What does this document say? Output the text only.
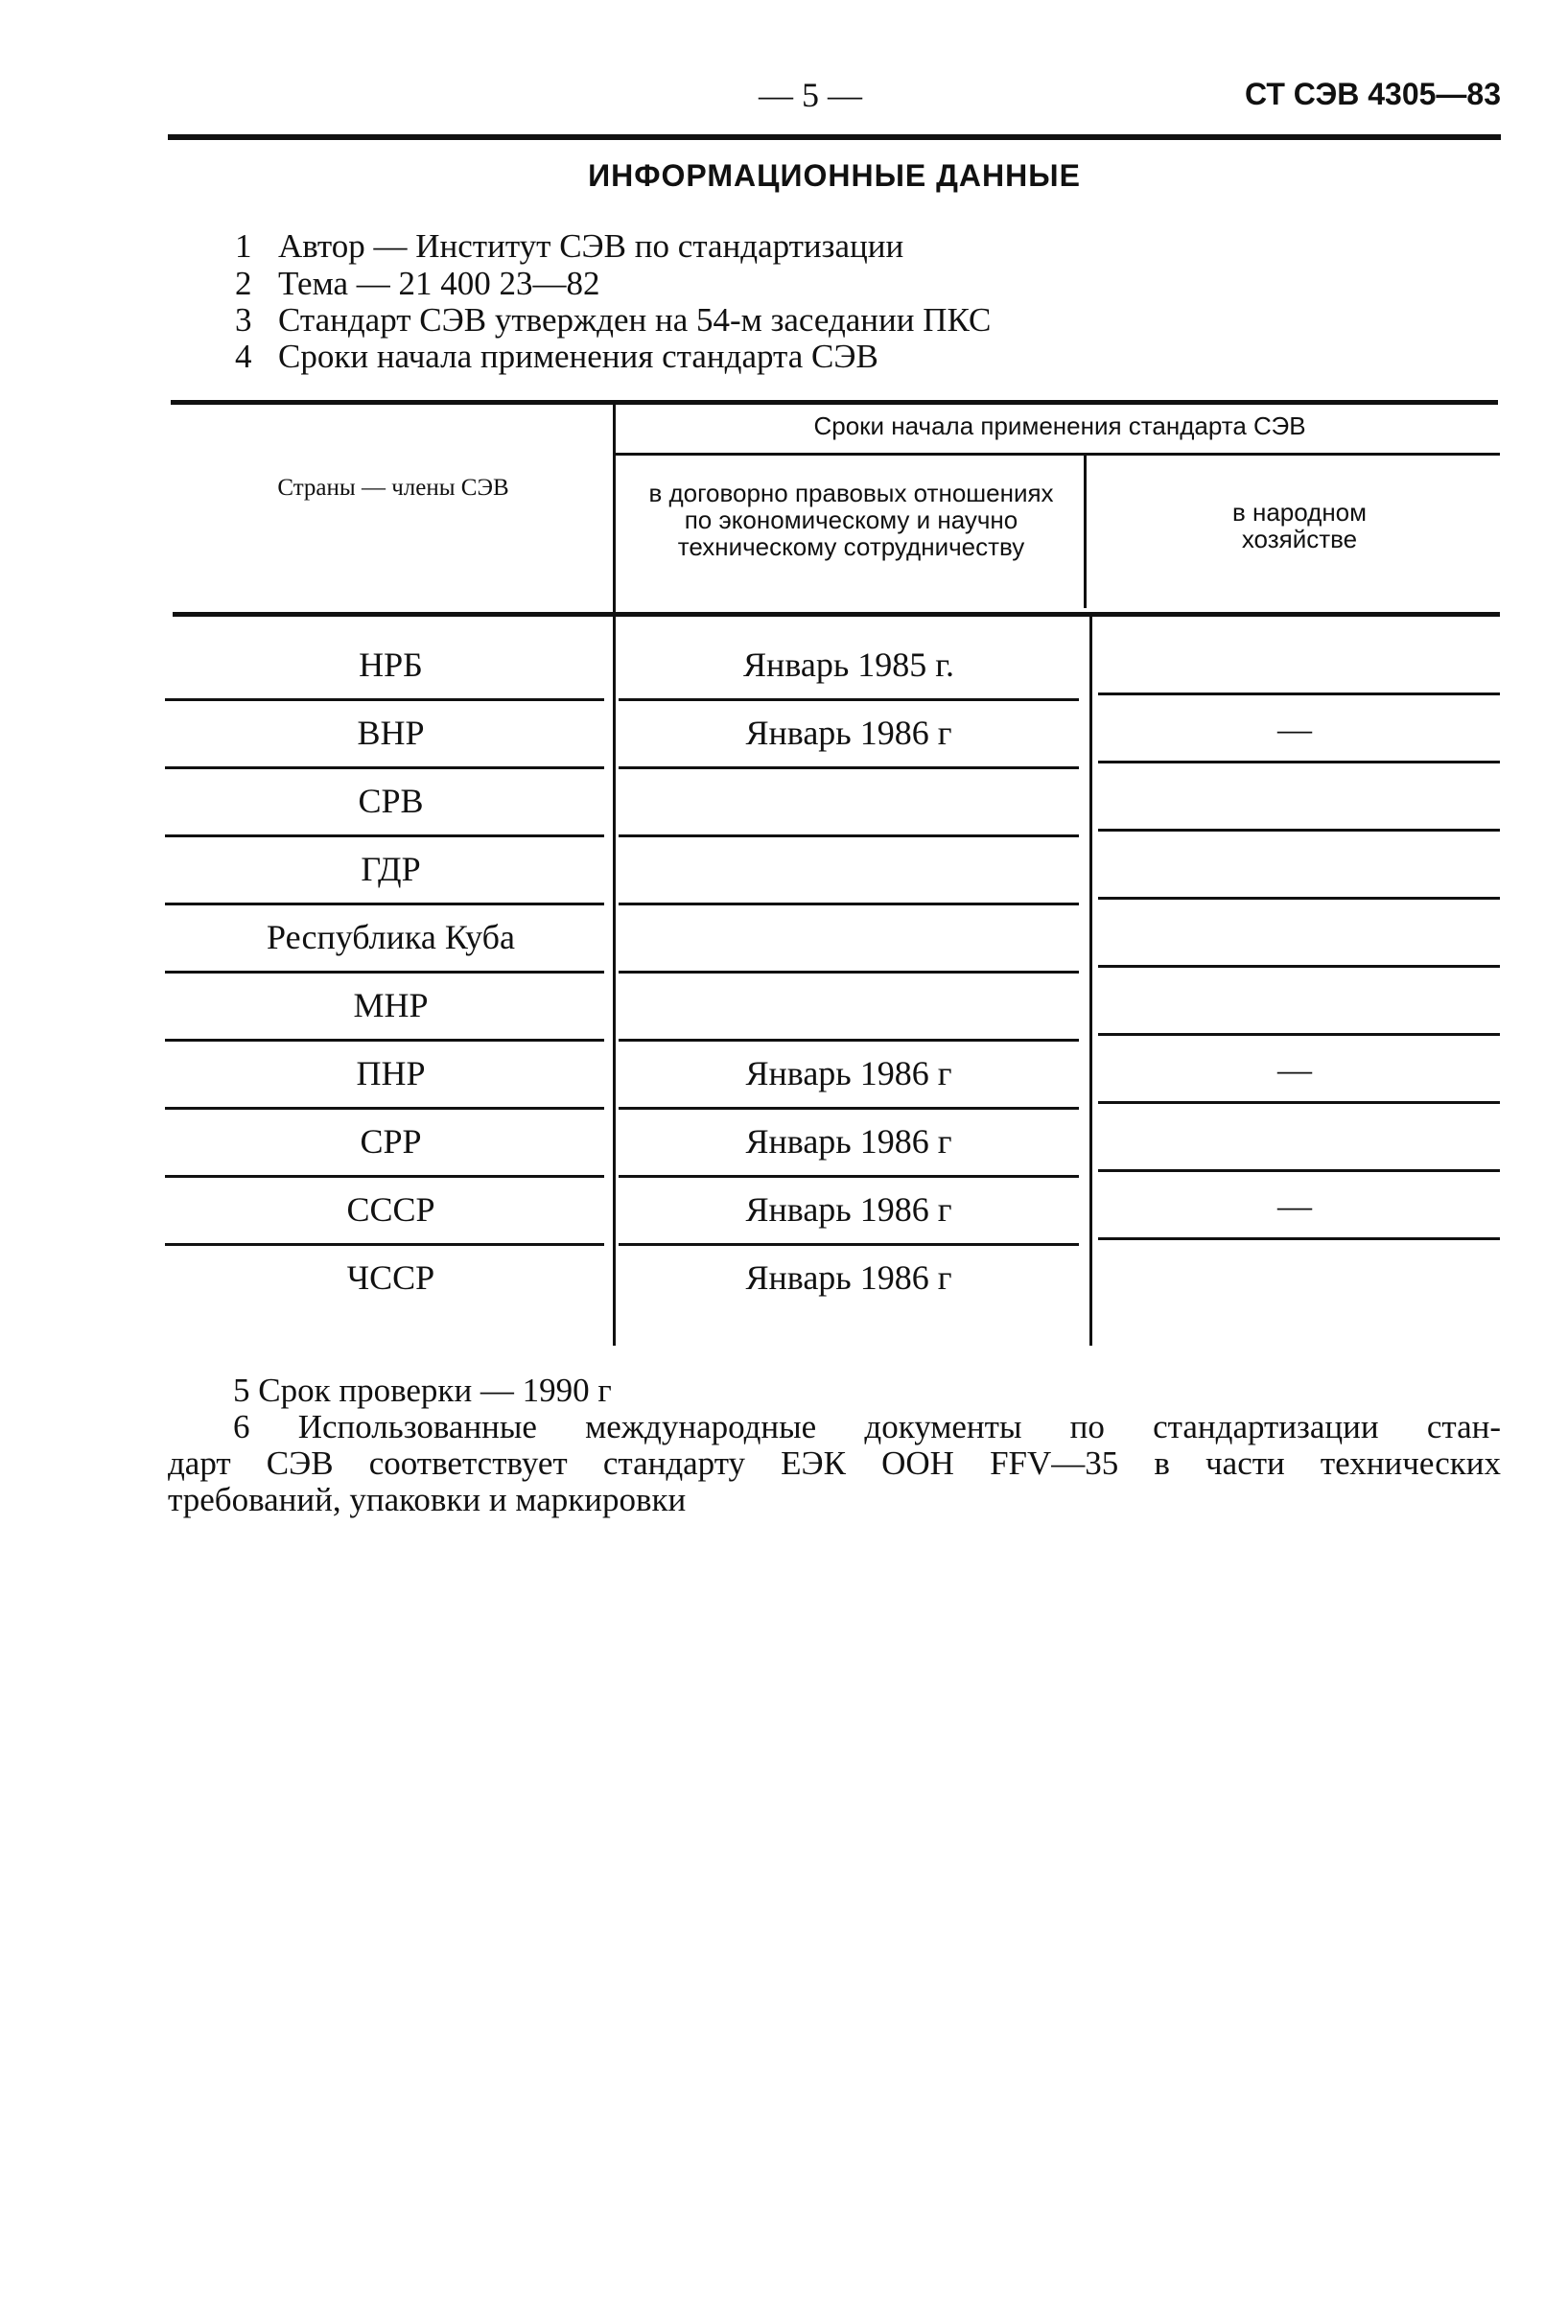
— 5 —	СТ СЭВ 4305—83
ИНФОРМАЦИОННЫЕ ДАННЫЕ
1 Автор — Институт СЭВ по стандартизации
2 Тема — 21 400 23—82
3 Стандарт СЭВ утвержден на 54-м заседании ПКС
4 Сроки начала применения стандарта СЭВ
Страны — члены СЭВ
Сроки начала применения стандарта СЭВ
в договорно правовых отношениях по экономическому и научно техническому сотрудничеству
в народном хозяйстве
НРБ	Январь 1985 г.
ВНР	Январь 1986 г	—
СРВ
ГДР
Республика Куба
МНР
ПНР	Январь 1986 г	—
СРР	Январь 1986 г
СССР	Январь 1986 г	—
ЧССР	Январь 1986 г
5 Срок проверки — 1990 г
6 Использованные международные документы по стандартизации стан-
дарт СЭВ соответствует стандарту ЕЭК ООН FFV—35 в части технических
требований, упаковки и маркировки
